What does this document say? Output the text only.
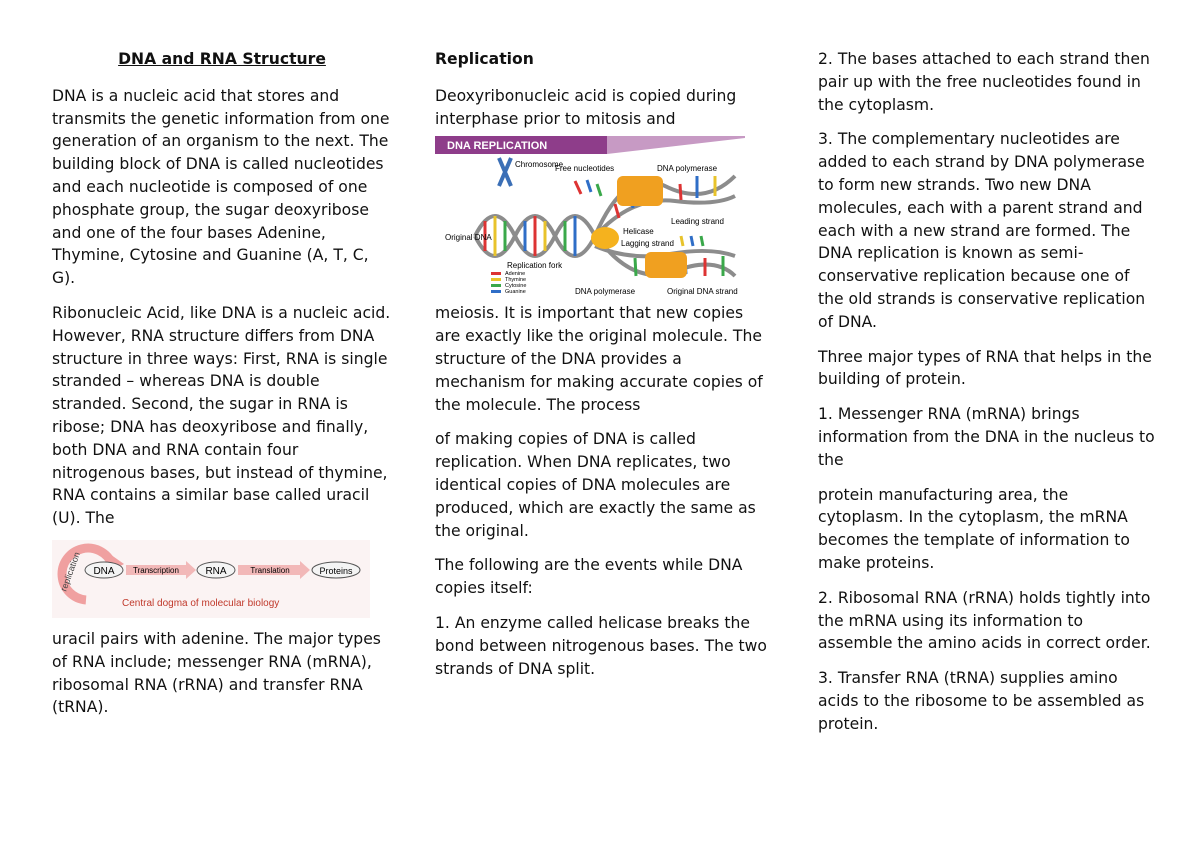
DNA and RNA Structure

DNA is a nucleic acid that stores and transmits the genetic information from one generation of an organism to the next. The building block of DNA is called nucleotides and each nucleotide is composed of one phosphate group, the sugar deoxyribose and one of the four bases Adenine, Thymine, Cytosine and Guanine (A, T, C, G).

Ribonucleic Acid, like DNA is a nucleic acid. However, RNA structure differs from DNA structure in three ways: First, RNA is single stranded – whereas DNA is double stranded. Second, the sugar in RNA is ribose; DNA has deoxyribose and finally, both DNA and RNA contain four nitrogenous bases, but instead of thymine, RNA contains a similar base called uracil (U). The

replication DNA Transcription	RNA	Translation	Proteins
Central dogma of molecular biology

uracil pairs with adenine. The major types of RNA include; messenger RNA (mRNA), ribosomal RNA (rRNA) and transfer RNA (tRNA).

Replication

Deoxyribonucleic acid is copied during interphase prior to mitosis and

DNA REPLICATION
Chromosome
Original DNA
DNA polymerase
Free nucleotides
Leading strand
Helicase
Lagging strand
Replication fork
DNA polymerase	Original DNA strand
Adenine
Thymine
Cytosine
Guanine

meiosis. It is important that new copies are exactly like the original molecule. The structure of the DNA provides a mechanism for making accurate copies of the molecule. The process

of making copies of DNA is called replication. When DNA replicates, two identical copies of DNA molecules are produced, which are exactly the same as the original.

The following are the events while DNA copies itself:

1. An enzyme called helicase breaks the bond between nitrogenous bases. The two strands of DNA split.

2. The bases attached to each strand then pair up with the free nucleotides found in the cytoplasm.

3. The complementary nucleotides are added to each strand by DNA polymerase to form new strands. Two new DNA molecules, each with a parent strand and each with a new strand are formed. The DNA replication is known as semi-conservative replication because one of the old strands is conservative replication of DNA.

Three major types of RNA that helps in the building of protein.

1. Messenger RNA (mRNA) brings information from the DNA in the nucleus to the

protein manufacturing area, the cytoplasm. In the cytoplasm, the mRNA becomes the template of information to make proteins.

2. Ribosomal RNA (rRNA) holds tightly into the mRNA using its information to assemble the amino acids in correct order.

3. Transfer RNA (tRNA) supplies amino acids to the ribosome to be assembled as protein.
